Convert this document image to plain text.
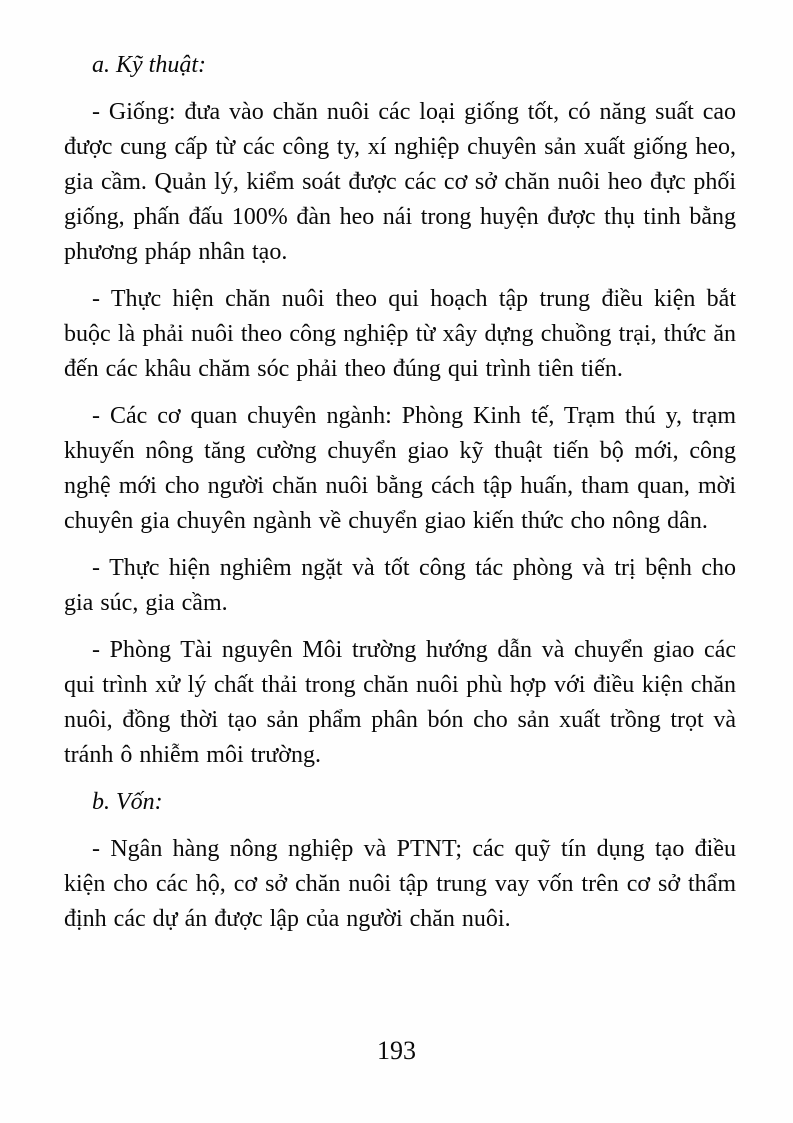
a. Kỹ thuật:

- Giống: đưa vào chăn nuôi các loại giống tốt, có năng suất cao được cung cấp từ các công ty, xí nghiệp chuyên sản xuất giống heo, gia cầm. Quản lý, kiểm soát được các cơ sở chăn nuôi heo đực phối giống, phấn đấu 100% đàn heo nái trong huyện được thụ tinh bằng phương pháp nhân tạo.

- Thực hiện chăn nuôi theo qui hoạch tập trung điều kiện bắt buộc là phải nuôi theo công nghiệp từ xây dựng chuồng trại, thức ăn đến các khâu chăm sóc phải theo đúng qui trình tiên tiến.

- Các cơ quan chuyên ngành: Phòng Kinh tế, Trạm thú y, trạm khuyến nông tăng cường chuyển giao kỹ thuật tiến bộ mới, công nghệ mới cho người chăn nuôi bằng cách tập huấn, tham quan, mời chuyên gia chuyên ngành về chuyển giao kiến thức cho nông dân.

- Thực hiện nghiêm ngặt và tốt công tác phòng và trị bệnh cho gia súc, gia cầm.

- Phòng Tài nguyên Môi trường hướng dẫn và chuyển giao các qui trình xử lý chất thải trong chăn nuôi phù hợp với điều kiện chăn nuôi, đồng thời tạo sản phẩm phân bón cho sản xuất trồng trọt và tránh ô nhiễm môi trường.

b. Vốn:

- Ngân hàng nông nghiệp và PTNT; các quỹ tín dụng tạo điều kiện cho các hộ, cơ sở chăn nuôi tập trung vay vốn trên cơ sở thẩm định các dự án được lập của người chăn nuôi.

193
